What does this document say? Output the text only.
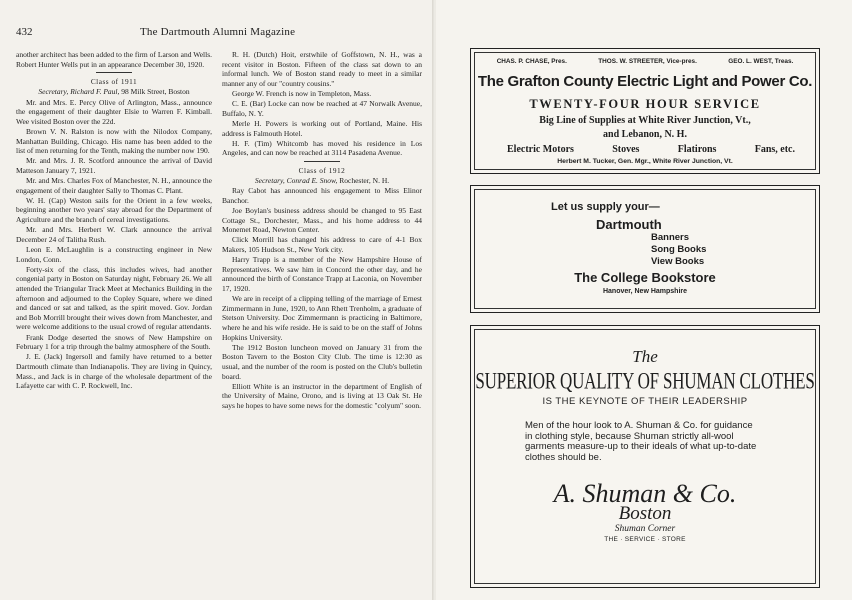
432	The Dartmouth Alumni Magazine

another architect has been added to the firm of Larson and Wells. Robert Hunter Wells put in an appearance December 30, 1920.

Class of 1911

Secretary, Richard F. Paul, 98 Milk Street, Boston

Mr. and Mrs. E. Percy Olive of Arlington, Mass., announce the engagement of their daughter Elsie to Warren F. Kimball. Wee visited Boston over the 22d.

Brown V. N. Ralston is now with the Nilodox Company, Manhattan Building, Chicago. His name has been added to the list of men returning for the Tenth, making the number now 190.

Mr. and Mrs. J. R. Scotford announce the arrival of David Matteson January 7, 1921.

Mr. and Mrs. Charles Fox of Manchester, N. H., announce the engagement of their daughter Sally to Thomas C. Plant.

W. H. (Cap) Weston sails for the Orient in a few weeks, beginning another two years' stay abroad for the Department of Agriculture and the branch of cereal investigations.

Mr. and Mrs. Herbert W. Clark announce the arrival December 24 of Talitha Rush.

Leon E. McLaughlin is a constructing engineer in New London, Conn.

Forty-six of the class, this includes wives, had another congenial party in Boston on Saturday night, February 26. We all attended the Triangular Track Meet at Mechanics Building in the afternoon and adjourned to the Copley Square, where we dined and danced or sat and talked, as the spirit moved. Gov. Jordan and Bob Morrill brought their wives down from Manchester, and were welcome additions to the usual crowd of regular attendants.

Frank Dodge deserted the snows of New Hampshire on February 1 for a trip through the balmy atmosphere of the South.

J. E. (Jack) Ingersoll and family have returned to a better Dartmouth climate than Indianapolis. They are living in Quincy, Mass., and Jack is in charge of the wholesale department of the Lafayette car with C. P. Rockwell, Inc.

R. H. (Dutch) Hoit, erstwhile of Goffstown, N. H., was a recent visitor in Boston. Fifteen of the class sat down to an informal lunch. We of Boston stand ready to meet in a similar manner any of our "country cousins."

George W. French is now in Templeton, Mass.

C. E. (Bar) Locke can now be reached at 47 Norwalk Avenue, Buffalo, N. Y.

Merle H. Powers is working out of Portland, Maine. His address is Falmouth Hotel.

H. F. (Tim) Whitcomb has moved his residence in Los Angeles, and can now be reached at 3114 Pasadena Avenue.

Class of 1912

Secretary, Conrad E. Snow, Rochester, N. H.

Ray Cabot has announced his engagement to Miss Elinor Banchor.

Joe Boylan's business address should be changed to 95 East Cottage St., Dorchester, Mass., and his home address to 44 Monemet Road, Newton Center.

Click Morrill has changed his address to care of 4-1 Box Makers, 105 Hudson St., New York city.

Harry Trapp is a member of the New Hampshire House of Representatives. We saw him in Concord the other day, and he announced the birth of Constance Trapp at Laconia, on November 17, 1920.

We are in receipt of a clipping telling of the marriage of Ernest Zimmermann in June, 1920, to Ann Rhett Trenholm, a graduate of Stetson University. Doc Zimmermann is practicing in Baltimore, where he and his wife reside. He is said to be on the staff of Johns Hopkins University.

The 1912 Boston luncheon moved on January 31 from the Boston Tavern to the Boston City Club. The time is 12:30 as usual, and the number of the room is posted on the Club's bulletin board.

Elliott White is an instructor in the department of English of the University of Maine, Orono, and is living at 13 Oak St. He says he hopes to have some news for the domestic "colyum" soon.

CHAS. P. CHASE, Pres.	THOS. W. STREETER, Vice-pres.	GEO. L. WEST, Treas.
The Grafton County Electric Light and Power Co.
TWENTY-FOUR HOUR SERVICE
Big Line of Supplies at White River Junction, Vt.,
and Lebanon, N. H.
Electric Motors	Stoves	Flatirons	Fans, etc.
Herbert M. Tucker, Gen. Mgr., White River Junction, Vt.
Let us supply your—
Dartmouth
Banners
Song Books
View Books
The College Bookstore
Hanover, New Hampshire
The
SUPERIOR QUALITY OF SHUMAN CLOTHES
IS THE KEYNOTE OF THEIR LEADERSHIP
Men of the hour look to A. Shuman & Co. for guidance in clothing style, because Shuman strictly all-wool garments measure-up to their ideals of what up-to-date clothes should be.
A. Shuman & Co.
Boston
Shuman Corner
THE · SERVICE · STORE
